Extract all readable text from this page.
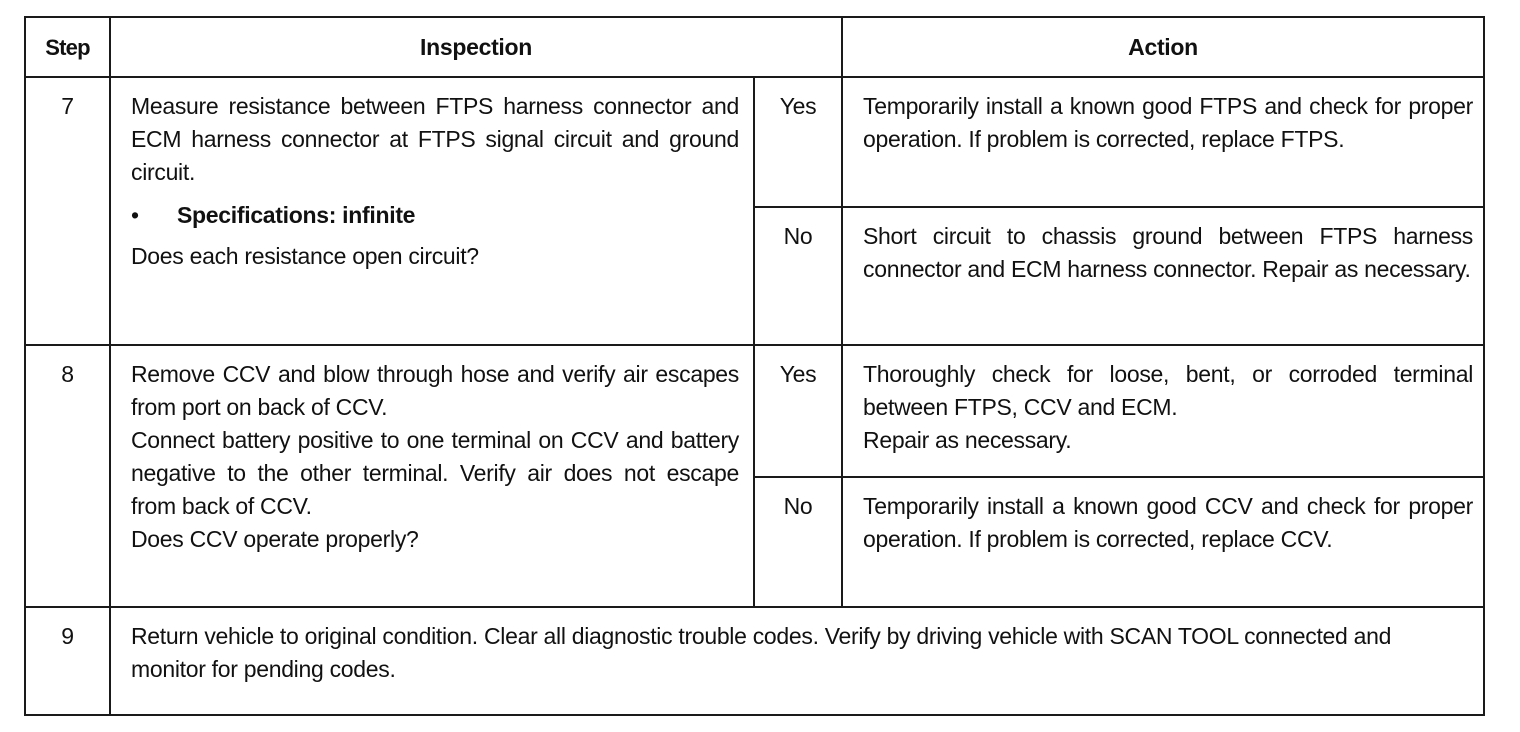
Step	Inspection		Action
7	Measure resistance between FTPS harness connector and ECM harness connector at FTPS signal circuit and ground circuit.
• Specifications: infinite
Does each resistance open circuit?	Yes	Temporarily install a known good FTPS and check for proper operation. If problem is corrected, replace FTPS.
		No	Short circuit to chassis ground between FTPS harness connector and ECM harness connector. Repair as necessary.
8	Remove CCV and blow through hose and verify air escapes from port on back of CCV.
Connect battery positive to one terminal on CCV and battery negative to the other terminal. Verify air does not escape from back of CCV.
Does CCV operate properly?	Yes	Thoroughly check for loose, bent, or corroded terminal between FTPS, CCV and ECM.
Repair as necessary.

		No	Temporarily install a known good CCV and check for proper operation. If problem is corrected, replace CCV.
9	Return vehicle to original condition. Clear all diagnostic trouble codes. Verify by driving vehicle with SCAN TOOL connected and monitor for pending codes.		
